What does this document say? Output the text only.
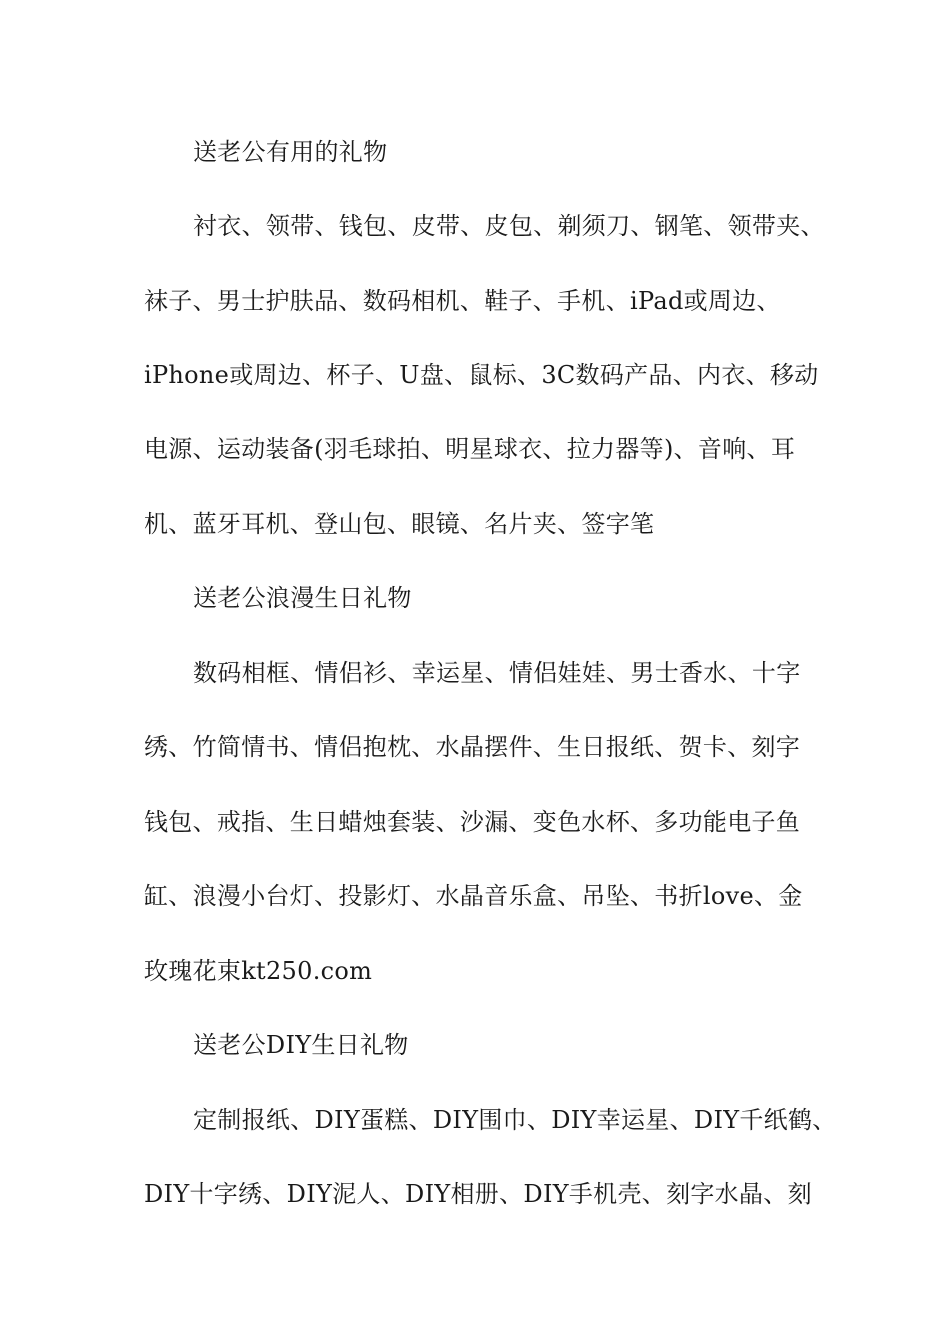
送老公有用的礼物
衬衣、领带、钱包、皮带、皮包、剃须刀、钢笔、领带夹、
袜子、男士护肤品、数码相机、鞋子、手机、iPad或周边、
iPhone或周边、杯子、U盘、鼠标、3C数码产品、内衣、移动
电源、运动装备(羽毛球拍、明星球衣、拉力器等)、音响、耳
机、蓝牙耳机、登山包、眼镜、名片夹、签字笔
送老公浪漫生日礼物
数码相框、情侣衫、幸运星、情侣娃娃、男士香水、十字
绣、竹简情书、情侣抱枕、水晶摆件、生日报纸、贺卡、刻字
钱包、戒指、生日蜡烛套装、沙漏、变色水杯、多功能电子鱼
缸、浪漫小台灯、投影灯、水晶音乐盒、吊坠、书折love、金
玫瑰花束kt250.com
送老公DIY生日礼物
定制报纸、DIY蛋糕、DIY围巾、DIY幸运星、DIY千纸鹤、
DIY十字绣、DIY泥人、DIY相册、DIY手机壳、刻字水晶、刻
